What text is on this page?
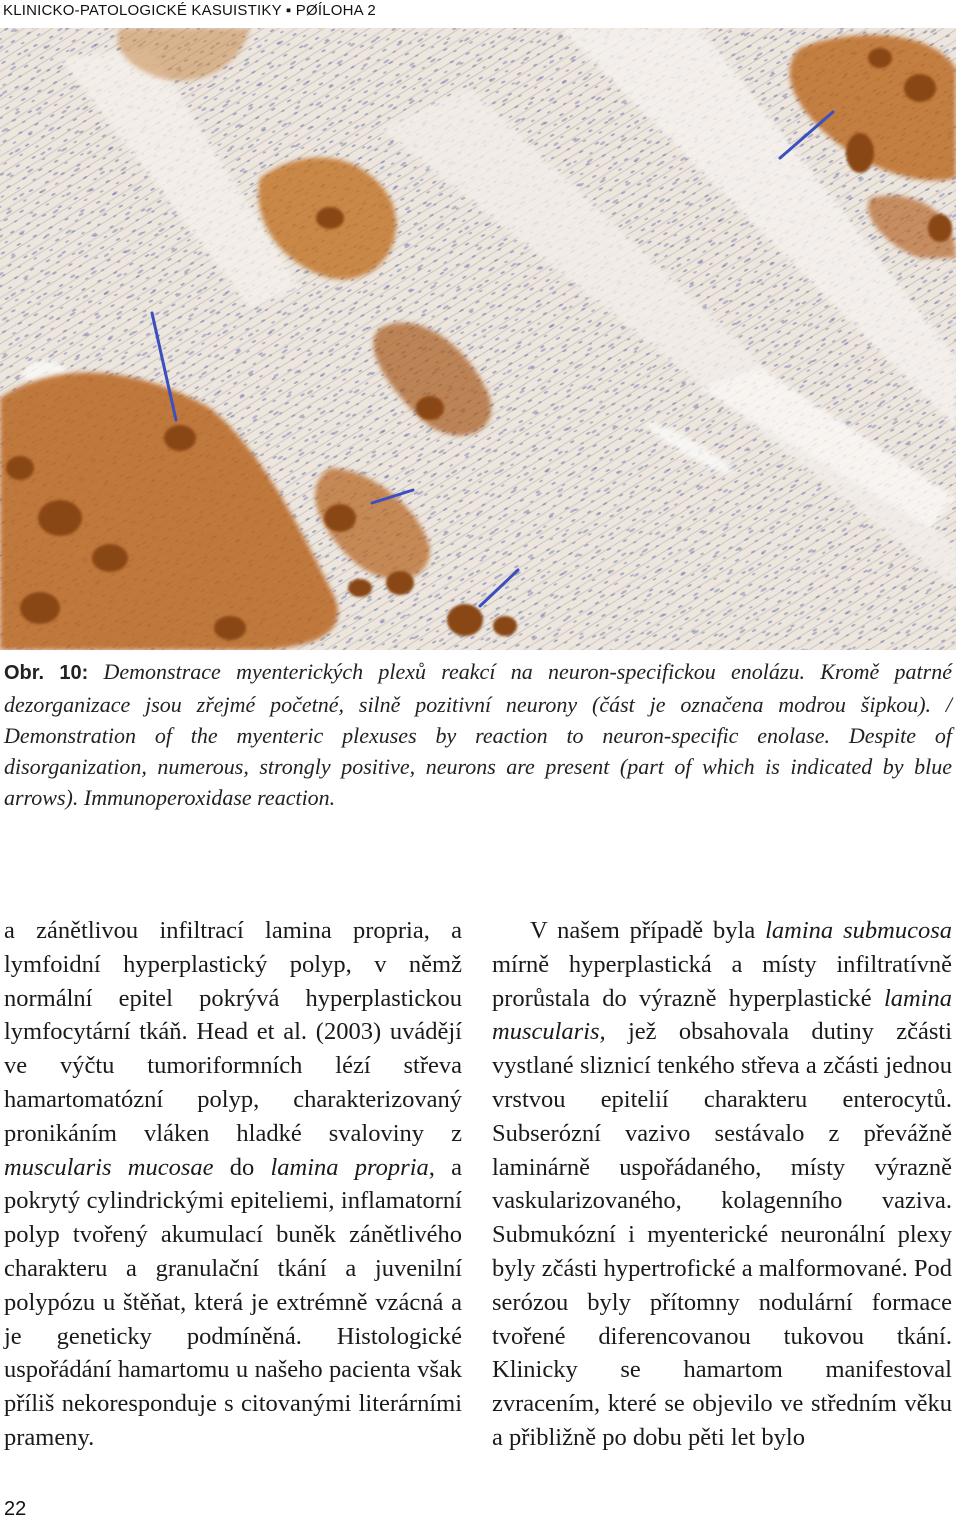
KLINICKO-PATOLOGICKÉ KASUISTIKY ▪ PØÍLOHA 2
Obr. 10: Demonstrace myenterických plexů reakcí na neuron-specifickou enolázu. Kromě patrné dezorganizace jsou zřejmé početné, silně pozitivní neurony (část je označena modrou šipkou). / Demonstration of the myenteric plexuses by reaction to neuron-specific enolase. Despite of disorganization, numerous, strongly positive, neurons are present (part of which is indicated by blue arrows). Immunoperoxidase reaction.

a zánětlivou infiltrací lamina propria, a lymfoidní hyperplastický polyp, v němž normální epitel pokrývá hyperplastickou lymfocytární tkáň. Head et al. (2003) uvádějí ve výčtu tumoriformních lézí střeva hamartomatózní polyp, charakterizovaný pronikáním vláken hladké svaloviny z muscularis mucosae do lamina propria, a pokrytý cylindrickými epiteliemi, inflamatorní polyp tvořený akumulací buněk zánětlivého charakteru a granulační tkání a juvenilní polypózu u štěňat, která je extrémně vzácná a je geneticky podmíněná. Histologické uspořádání hamartomu u našeho pacienta však příliš nekoresponduje s citovanými literárními prameny.

V našem případě byla lamina submucosa mírně hyperplastická a místy infiltratívně prorůstala do výrazně hyperplastické lamina muscularis, jež obsahovala dutiny zčásti vystlané sliznicí tenkého střeva a zčásti jednou vrstvou epitelií charakteru enterocytů. Subserózní vazivo sestávalo z převážně laminárně uspořádaného, místy výrazně vaskularizovaného, kolagenního vaziva. Submukózní i myenterické neuronální plexy byly zčásti hypertrofické a malformované. Pod serózou byly přítomny nodulární formace tvořené diferencovanou tukovou tkání. Klinicky se hamartom manifestoval zvracením, které se objevilo ve středním věku a přibližně po dobu pěti let bylo

22
